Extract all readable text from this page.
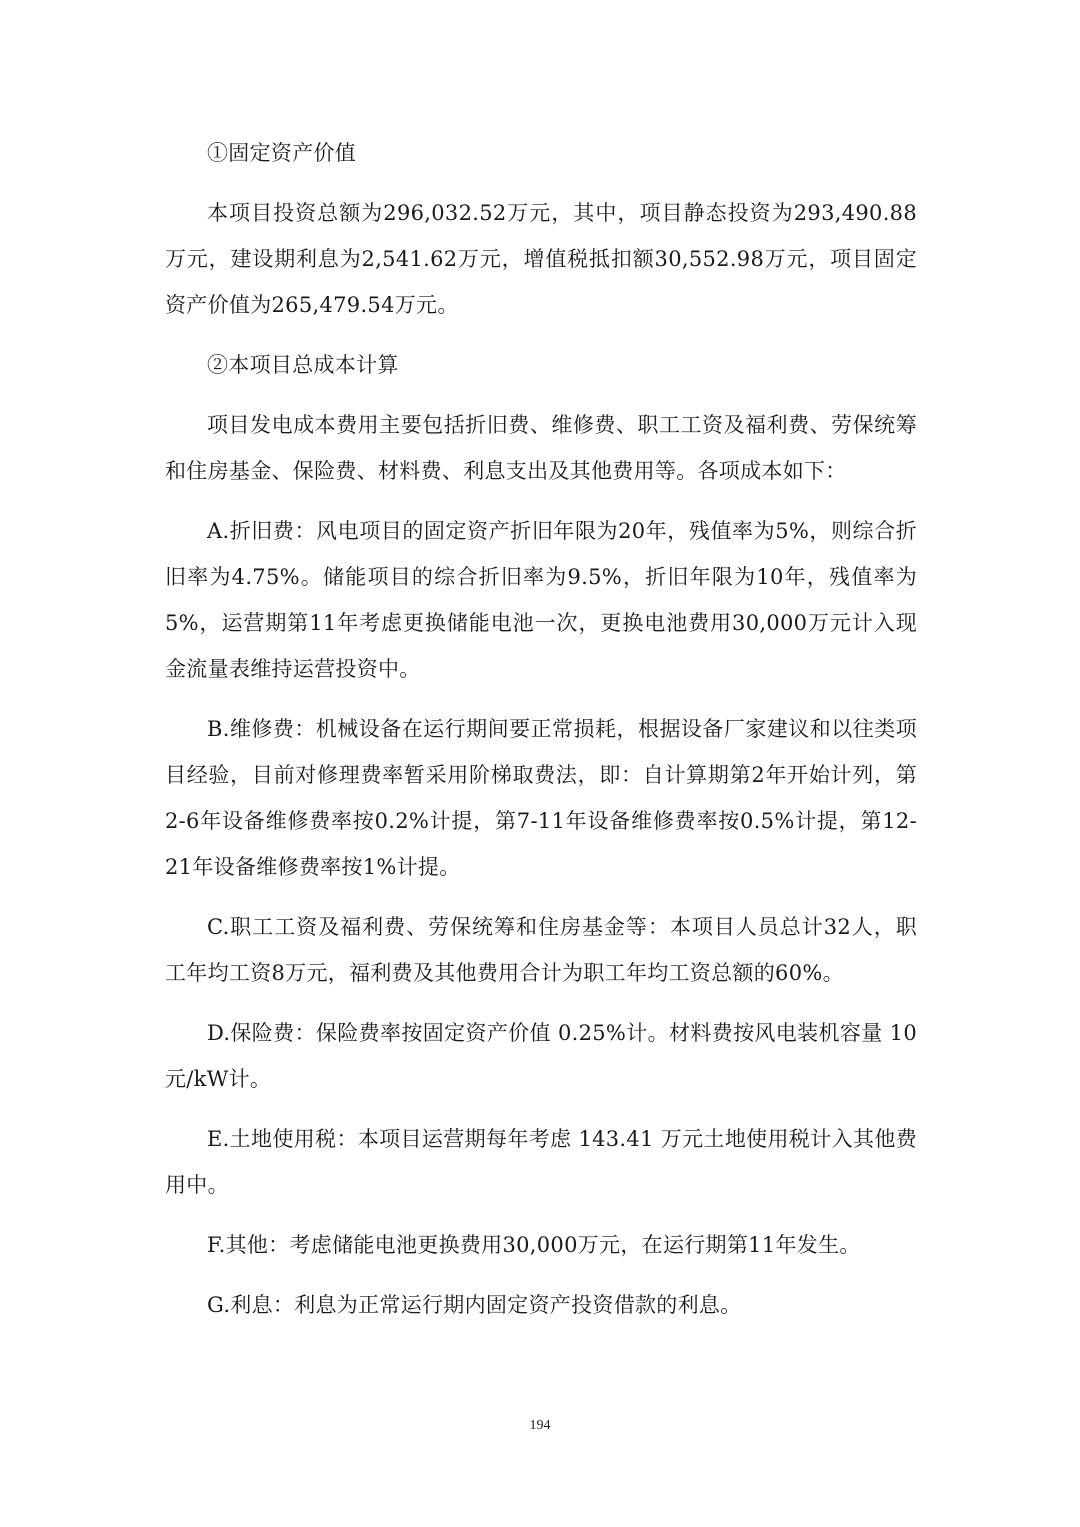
①固定资产价值

本项目投资总额为296,032.52万元，其中，项目静态投资为293,490.88万元，建设期利息为2,541.62万元，增值税抵扣额30,552.98万元，项目固定资产价值为265,479.54万元。

②本项目总成本计算

项目发电成本费用主要包括折旧费、维修费、职工工资及福利费、劳保统筹和住房基金、保险费、材料费、利息支出及其他费用等。各项成本如下：

A.折旧费：风电项目的固定资产折旧年限为20年，残值率为5%，则综合折旧率为4.75%。储能项目的综合折旧率为9.5%，折旧年限为10年，残值率为5%，运营期第11年考虑更换储能电池一次，更换电池费用30,000万元计入现金流量表维持运营投资中。

B.维修费：机械设备在运行期间要正常损耗，根据设备厂家建议和以往类项目经验，目前对修理费率暂采用阶梯取费法，即：自计算期第2年开始计列，第2-6年设备维修费率按0.2%计提，第7-11年设备维修费率按0.5%计提，第12-21年设备维修费率按1%计提。

C.职工工资及福利费、劳保统筹和住房基金等：本项目人员总计32人，职工年均工资8万元，福利费及其他费用合计为职工年均工资总额的60%。

D.保险费：保险费率按固定资产价值 0.25%计。材料费按风电装机容量 10元/kW计。

E.土地使用税：本项目运营期每年考虑 143.41 万元土地使用税计入其他费用中。

F.其他：考虑储能电池更换费用30,000万元，在运行期第11年发生。

G.利息：利息为正常运行期内固定资产投资借款的利息。

194
